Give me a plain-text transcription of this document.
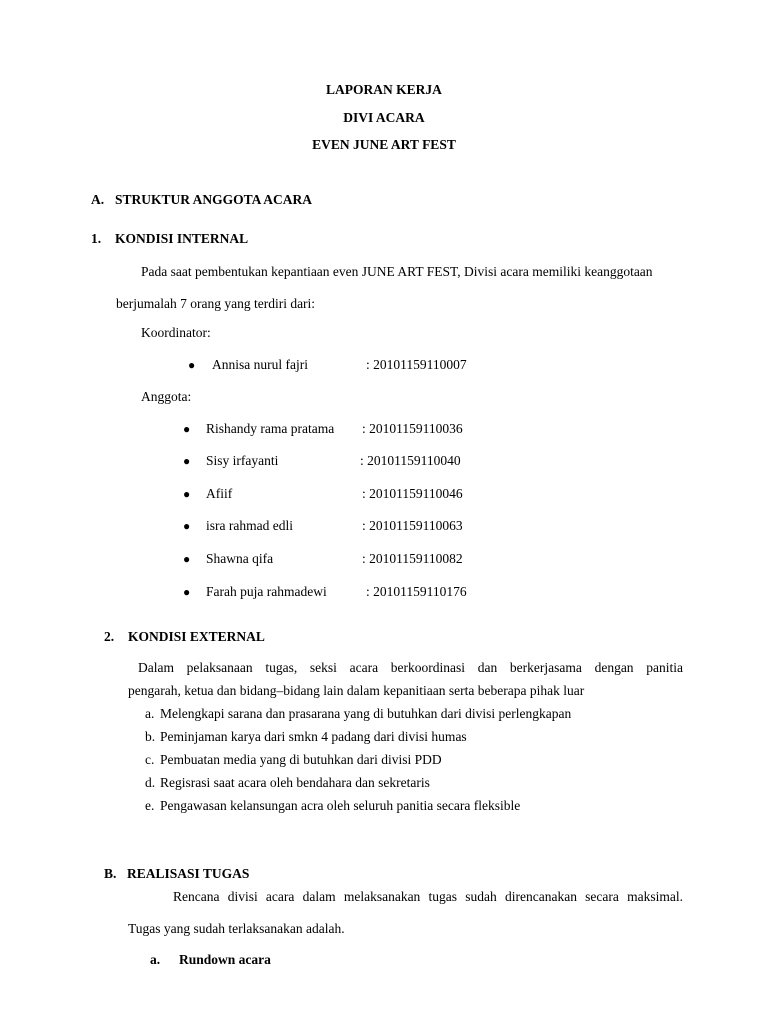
LAPORAN KERJA
DIVI ACARA
EVEN JUNE ART FEST
A. STRUKTUR ANGGOTA ACARA
1. KONDISI INTERNAL
Pada saat pembentukan kepantiaan even JUNE ART FEST, Divisi acara memiliki keanggotaan
berjumalah 7 orang yang terdiri dari:
Koordinator:
● Annisa nurul fajri	: 20101159110007
Anggota:
● Rishandy rama pratama : 20101159110036
● Sisy irfayanti	: 20101159110040
● Afiif	: 20101159110046
● isra rahmad edli	: 20101159110063
● Shawna qifa	: 20101159110082
● Farah puja rahmadewi	: 20101159110176
2. KONDISI EXTERNAL
Dalam pelaksanaan tugas, seksi acara berkoordinasi dan berkerjasama dengan panitia
pengarah, ketua dan bidang–bidang lain dalam kepanitiaan serta beberapa pihak luar
a. Melengkapi sarana dan prasarana yang di butuhkan dari divisi perlengkapan
b. Peminjaman karya dari smkn 4 padang dari divisi humas
c. Pembuatan media yang di butuhkan dari divisi PDD
d. Regisrasi saat acara oleh bendahara dan sekretaris
e. Pengawasan kelansungan acra oleh seluruh panitia secara fleksible
B. REALISASI TUGAS
Rencana divisi acara dalam melaksanakan tugas sudah direncanakan secara maksimal.
Tugas yang sudah terlaksanakan adalah.
a. Rundown acara
